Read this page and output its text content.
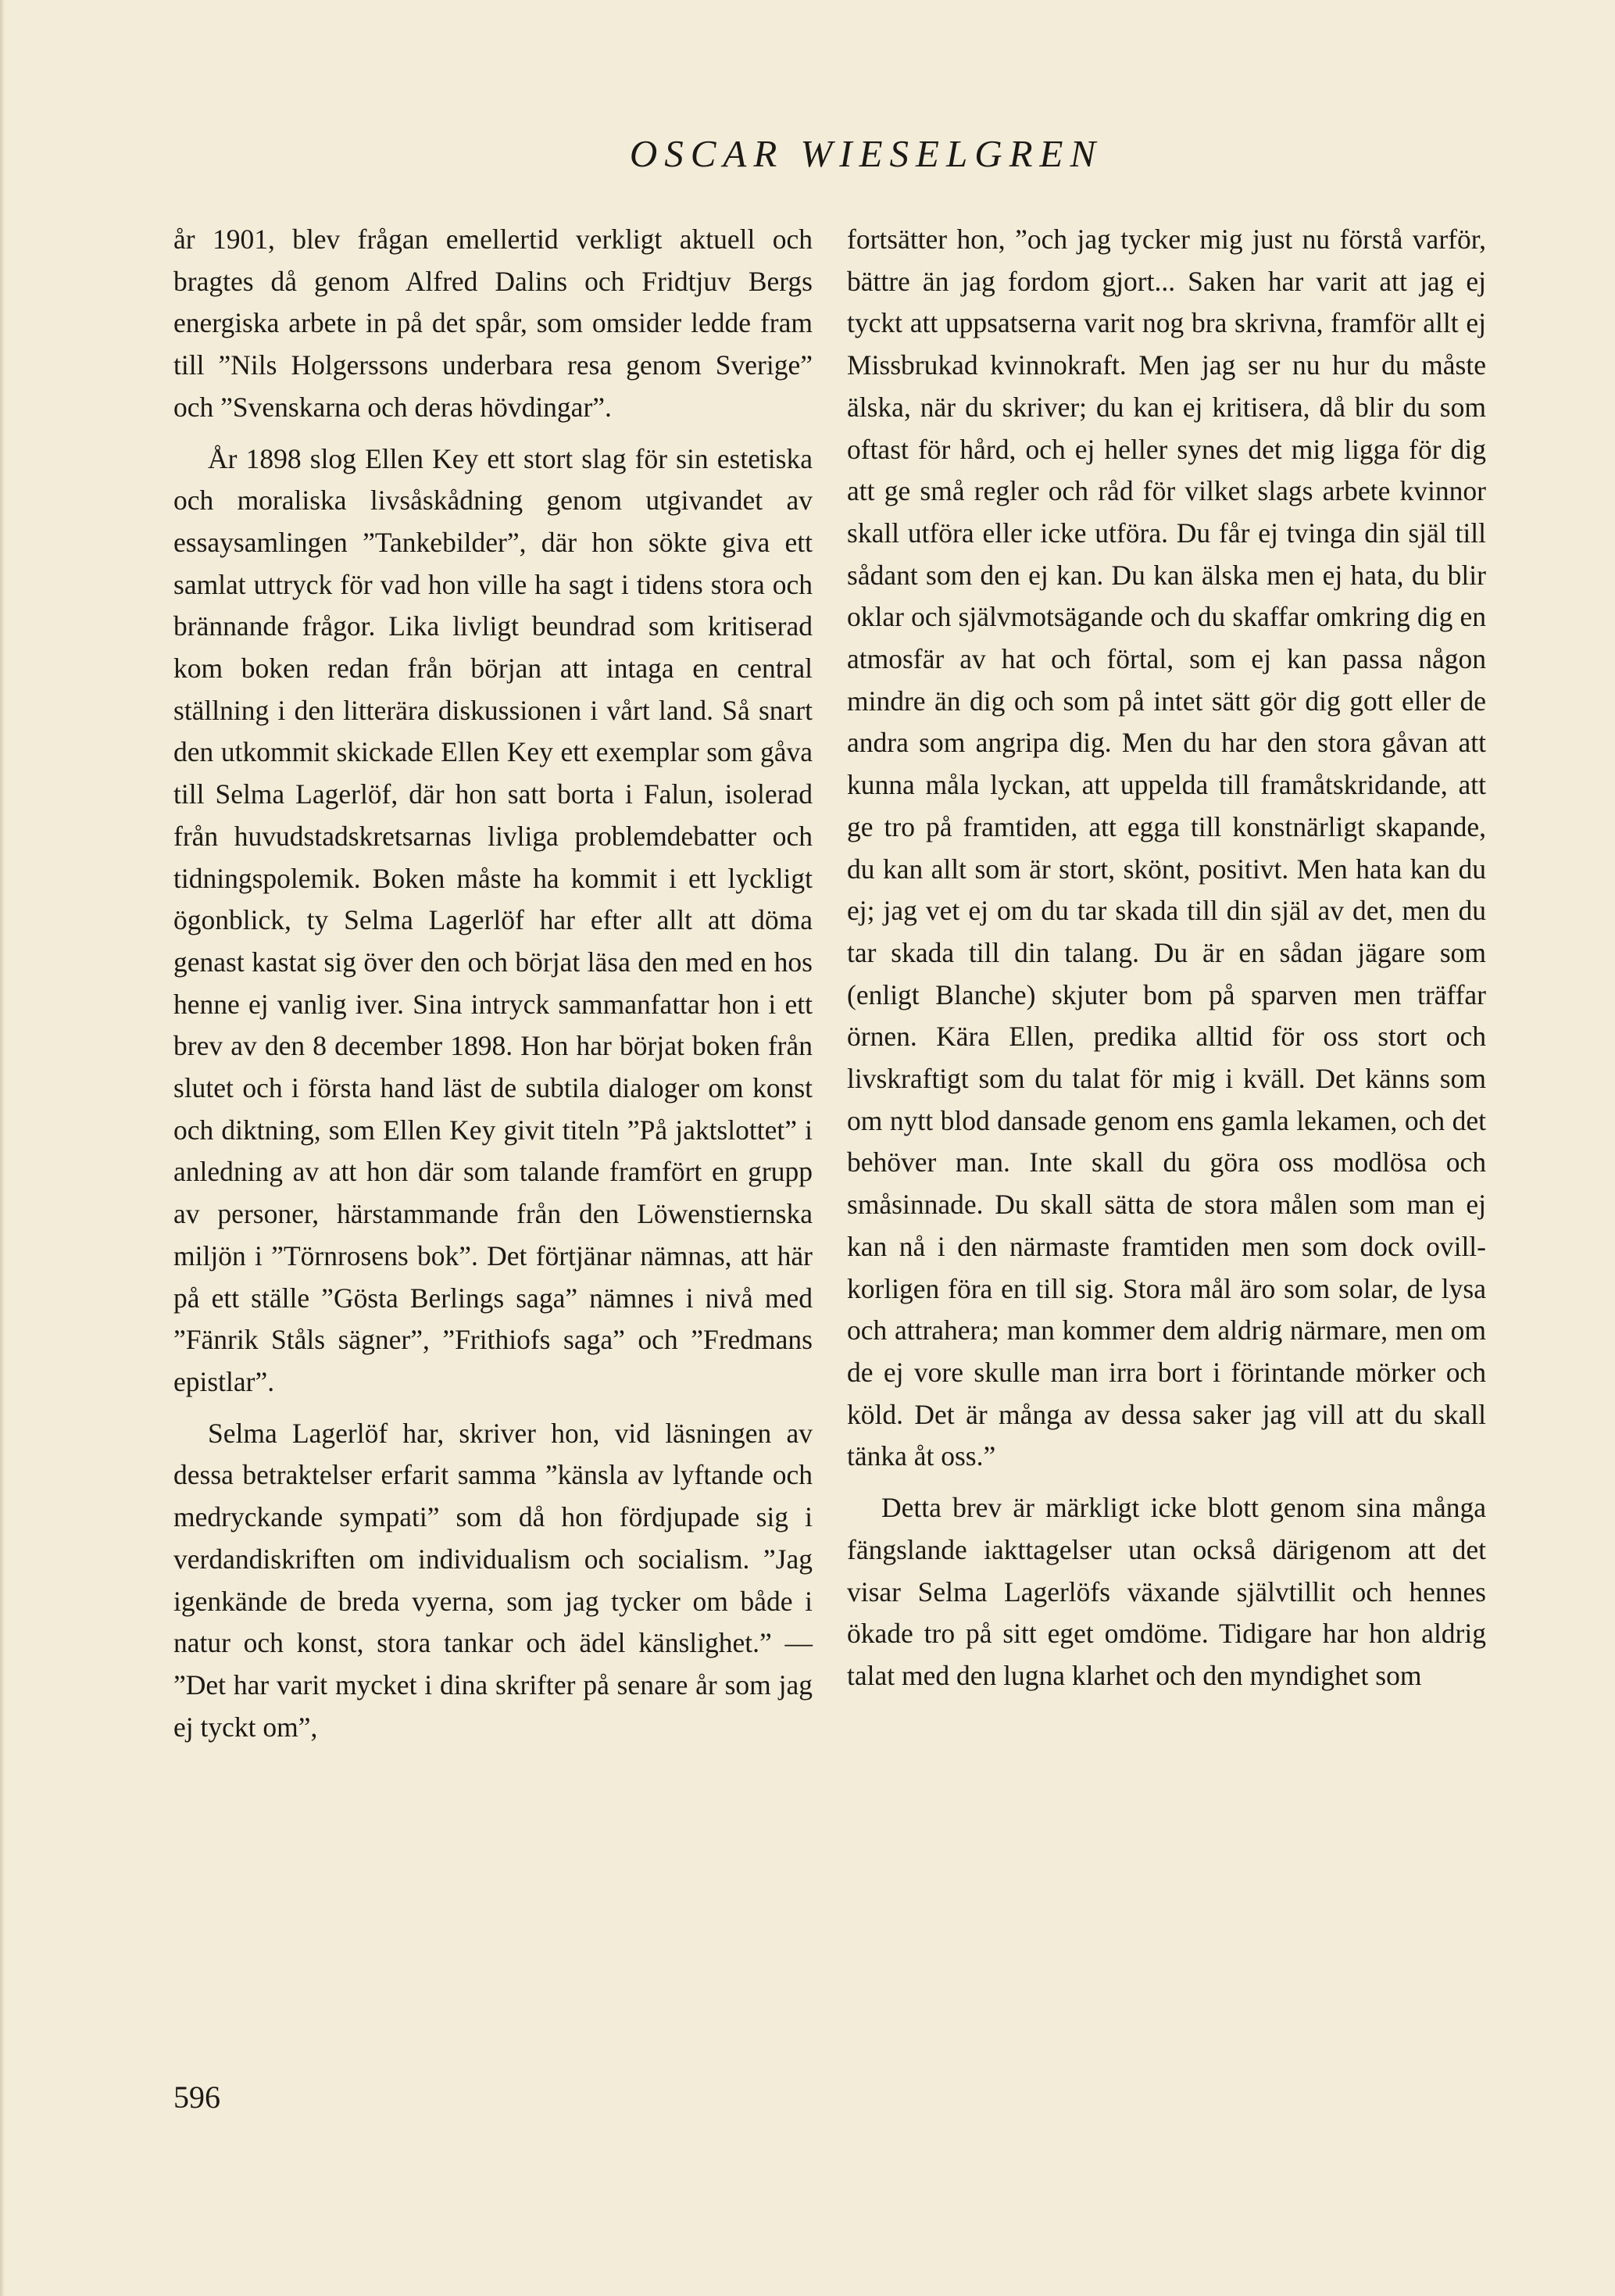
OSCAR WIESELGREN

år 1901, blev frågan emellertid verkligt aktuell och bragtes då genom Alfred Dalins och Fridtjuv Bergs energiska arbete in på det spår, som omsider ledde fram till ”Nils Holgerssons underbara resa genom Sverige” och ”Svenskarna och deras hövdingar”.

År 1898 slog Ellen Key ett stort slag för sin estetiska och moraliska livsåskådning genom utgivandet av essaysamlingen ”Tankebilder”, där hon sökte giva ett samlat uttryck för vad hon ville ha sagt i tidens stora och brännande frågor. Lika livligt beundrad som kritiserad kom boken redan från början att intaga en central ställning i den litterära diskussionen i vårt land. Så snart den utkommit skickade Ellen Key ett exemplar som gåva till Selma Lagerlöf, där hon satt borta i Falun, isolerad från huvudstadskretsarnas livliga problemdebatter och tidningspolemik. Boken måste ha kommit i ett lyckligt ögonblick, ty Selma Lagerlöf har efter allt att döma genast kastat sig över den och börjat läsa den med en hos henne ej vanlig iver. Sina intryck sammanfattar hon i ett brev av den 8 december 1898. Hon har börjat boken från slutet och i första hand läst de subtila dialoger om konst och diktning, som Ellen Key givit titeln ”På jaktslottet” i anledning av att hon där som talande framfört en grupp av personer, härstammande från den Löwenstiernska miljön i ”Törnrosens bok”. Det förtjänar nämnas, att här på ett ställe ”Gösta Berlings saga” nämnes i nivå med ”Fänrik Ståls sägner”, ”Frithiofs saga” och ”Fredmans epistlar”.

Selma Lagerlöf har, skriver hon, vid läsningen av dessa betraktelser erfarit samma ”känsla av lyftande och medryckande sympati” som då hon fördjupade sig i verdandiskriften om individualism och socialism. ”Jag igenkände de breda vyerna, som jag tycker om både i natur och konst, stora tankar och ädel känslighet.” — ”Det har varit mycket i dina skrifter på senare år som jag ej tyckt om”,

fortsätter hon, ”och jag tycker mig just nu förstå varför, bättre än jag fordom gjort... Saken har varit att jag ej tyckt att uppsatserna varit nog bra skrivna, framför allt ej Missbrukad kvinnokraft. Men jag ser nu hur du måste älska, när du skriver; du kan ej kritisera, då blir du som oftast för hård, och ej heller synes det mig ligga för dig att ge små regler och råd för vilket slags arbete kvinnor skall utföra eller icke utföra. Du får ej tvinga din själ till sådant som den ej kan. Du kan älska men ej hata, du blir oklar och självmotsägande och du skaffar omkring dig en atmosfär av hat och förtal, som ej kan passa någon mindre än dig och som på intet sätt gör dig gott eller de andra som angripa dig. Men du har den stora gåvan att kunna måla lyckan, att uppelda till framåtskridande, att ge tro på framtiden, att egga till konstnärligt skapande, du kan allt som är stort, skönt, positivt. Men hata kan du ej; jag vet ej om du tar skada till din själ av det, men du tar skada till din talang. Du är en sådan jägare som (enligt Blanche) skjuter bom på sparven men träffar örnen. Kära Ellen, predika alltid för oss stort och livskraftigt som du talat för mig i kväll. Det känns som om nytt blod dansade genom ens gamla lekamen, och det behöver man. Inte skall du göra oss modlösa och småsinnade. Du skall sätta de stora målen som man ej kan nå i den närmaste framtiden men som dock ovillkorligen föra en till sig. Stora mål äro som solar, de lysa och attrahera; man kommer dem aldrig närmare, men om de ej vore skulle man irra bort i förintande mörker och köld. Det är många av dessa saker jag vill att du skall tänka åt oss.”

Detta brev är märkligt icke blott genom sina många fängslande iakttagelser utan också därigenom att det visar Selma Lagerlöfs växande självtillit och hennes ökade tro på sitt eget omdöme. Tidigare har hon aldrig talat med den lugna klarhet och den myndighet som

596
